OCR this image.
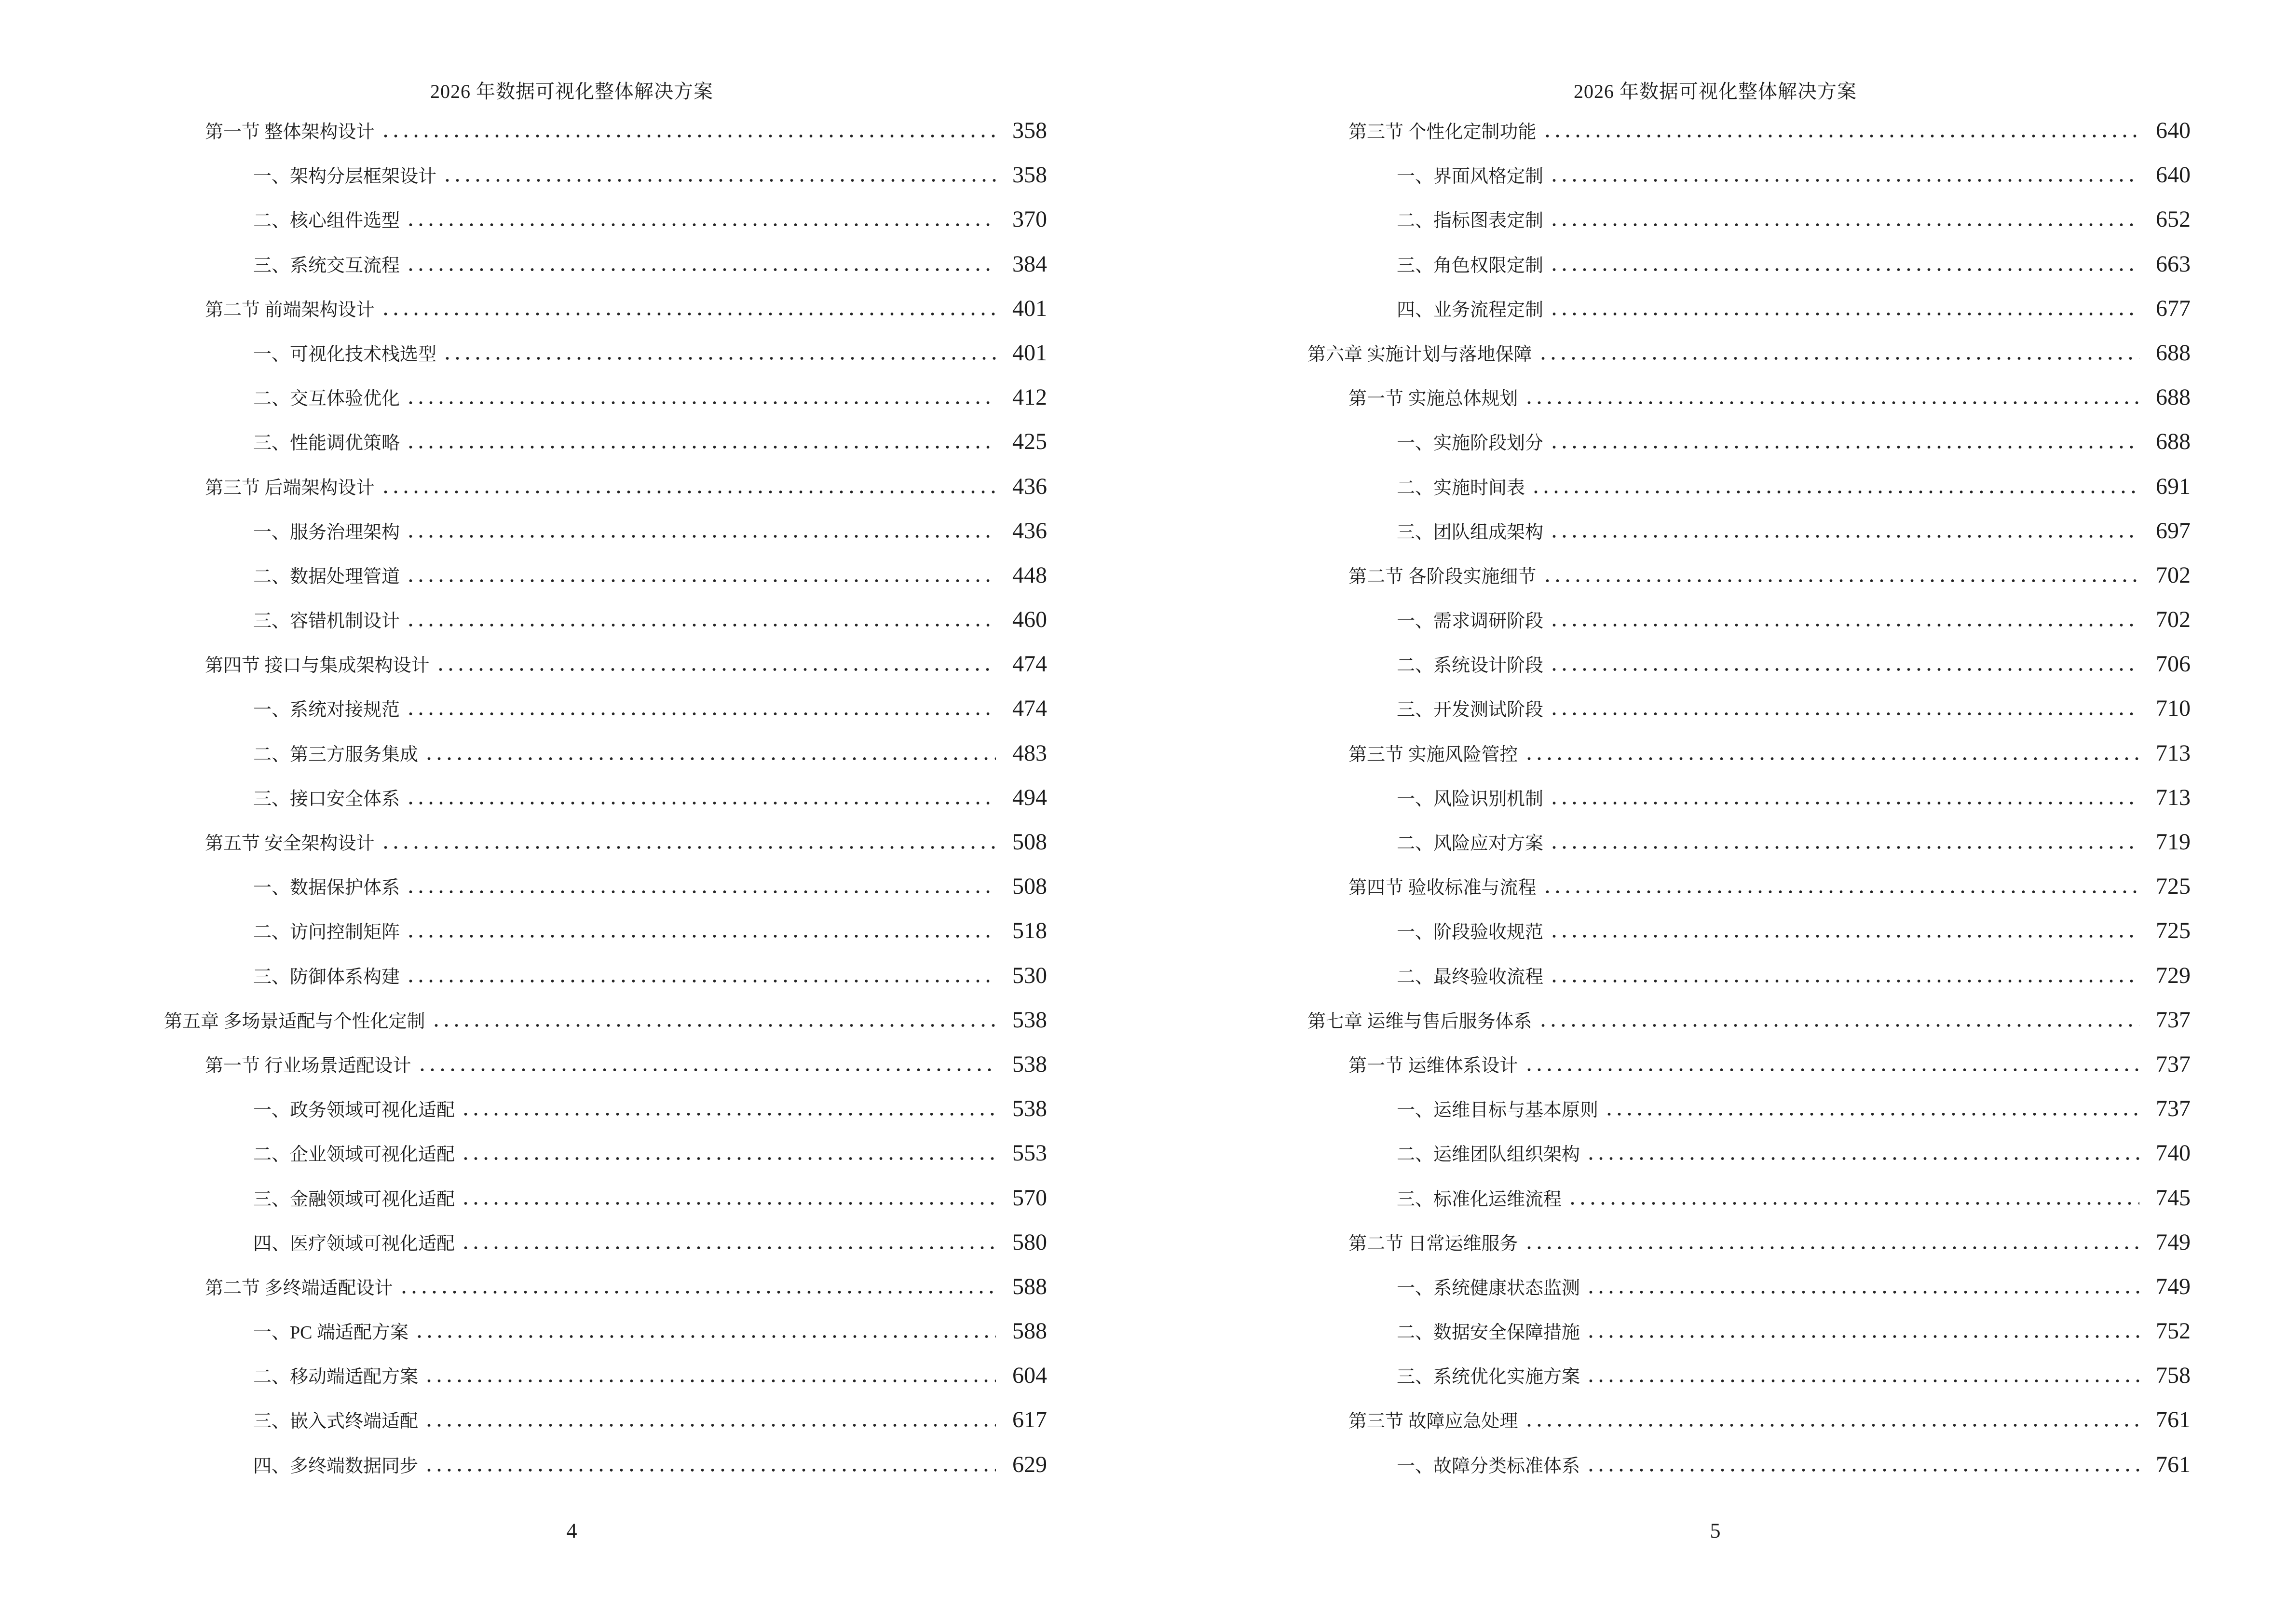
2026 年数据可视化整体解决方案
第一节 整体架构设计	358
一、架构分层框架设计	358
二、核心组件选型	370
三、系统交互流程	384
第二节 前端架构设计	401
一、可视化技术栈选型	401
二、交互体验优化	412
三、性能调优策略	425
第三节 后端架构设计	436
一、服务治理架构	436
二、数据处理管道	448
三、容错机制设计	460
第四节 接口与集成架构设计	474
一、系统对接规范	474
二、第三方服务集成	483
三、接口安全体系	494
第五节 安全架构设计	508
一、数据保护体系	508
二、访问控制矩阵	518
三、防御体系构建	530
第五章 多场景适配与个性化定制	538
第一节 行业场景适配设计	538
一、政务领域可视化适配	538
二、企业领域可视化适配	553
三、金融领域可视化适配	570
四、医疗领域可视化适配	580
第二节 多终端适配设计	588
一、PC 端适配方案	588
二、移动端适配方案	604
三、嵌入式终端适配	617
四、多终端数据同步	629
4
2026 年数据可视化整体解决方案
第三节 个性化定制功能	640
一、界面风格定制	640
二、指标图表定制	652
三、角色权限定制	663
四、业务流程定制	677
第六章 实施计划与落地保障	688
第一节 实施总体规划	688
一、实施阶段划分	688
二、实施时间表	691
三、团队组成架构	697
第二节 各阶段实施细节	702
一、需求调研阶段	702
二、系统设计阶段	706
三、开发测试阶段	710
第三节 实施风险管控	713
一、风险识别机制	713
二、风险应对方案	719
第四节 验收标准与流程	725
一、阶段验收规范	725
二、最终验收流程	729
第七章 运维与售后服务体系	737
第一节 运维体系设计	737
一、运维目标与基本原则	737
二、运维团队组织架构	740
三、标准化运维流程	745
第二节 日常运维服务	749
一、系统健康状态监测	749
二、数据安全保障措施	752
三、系统优化实施方案	758
第三节 故障应急处理	761
一、故障分类标准体系	761
5
